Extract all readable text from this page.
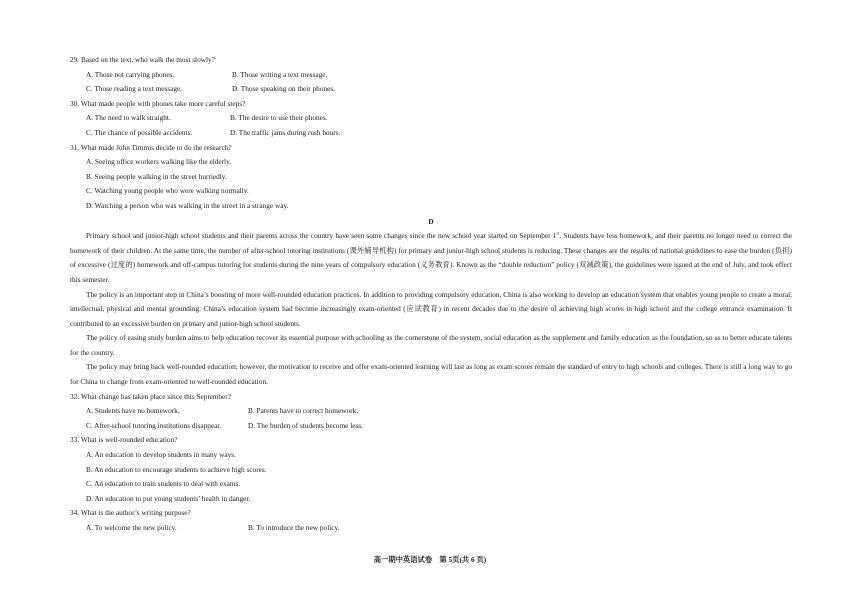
29. Based on the text, who walk the most slowly?

A. Those not carrying phones.	B. Those writing a text message.
C. Those reading a text message.	D. Those speaking on their phones.

30. What made people with phones take more careful steps?

A. The need to walk straight.	B. The desire to use their phones.
C. The chance of possible accidents.	D. The traffic jams during rush hours.

31. What made John Timmis decide to do the research?

A. Seeing office workers walking like the elderly.
B. Seeing people walking in the street hurriedly.
C. Watching young people who were walking normally.
D. Watching a person who was walking in the street in a strange way.

D

Primary school and junior-high school students and their parents across the country have seen some changes since the new school year started on September 1st. Students have less homework, and their parents no longer need to correct the homework of their children. At the same time, the number of after-school tutoring institutions (课外辅导机构) for primary and junior-high school students is reducing. These changes are the results of national guidelines to ease the burden (负担) of excessive (过度的) homework and off-campus tutoring for students during the nine years of compulsory education (义务教育). Known as the “double reduction” policy (双减政策), the guidelines were issued at the end of July, and took effect this semester.

The policy is an important step in China’s boosting of more well-rounded education practices. In addition to providing compulsory education, China is also working to develop an education system that enables young people to create a moral, intellectual, physical and mental grounding. China’s education system had become increasingly exam-oriented (应试教育) in recent decades due to the desire of achieving high scores in high school and the college entrance examination. It contributed to an excessive burden on primary and junior-high school students.

The policy of easing study burden aims to help education recover its essential purpose with schooling as the cornerstone of the system, social education as the supplement and family education as the foundation, so as to better educate talents for the country.

The policy may bring back well-rounded education; however, the motivation to receive and offer exam-oriented learning will last as long as exam scores remain the standard of entry to high schools and colleges. There is still a long way to go for China to change from exam-oriented to well-rounded education.

32. What change has taken place since this September?

A. Students have no homework.	B. Parents have to correct homework.
C. After-school tutoring institutions disappear.	D. The burden of students become less.

33. What is well-rounded education?

A. An education to develop students in many ways.
B. An education to encourage students to achieve high scores.
C. An education to train students to deal with exams.
D. An education to put young students’ health in danger.

34. What is the author’s writing purpose?

A. To welcome the new policy.	B. To introduce the new policy.
高一期中英语试卷　第 5页(共 6 页)
